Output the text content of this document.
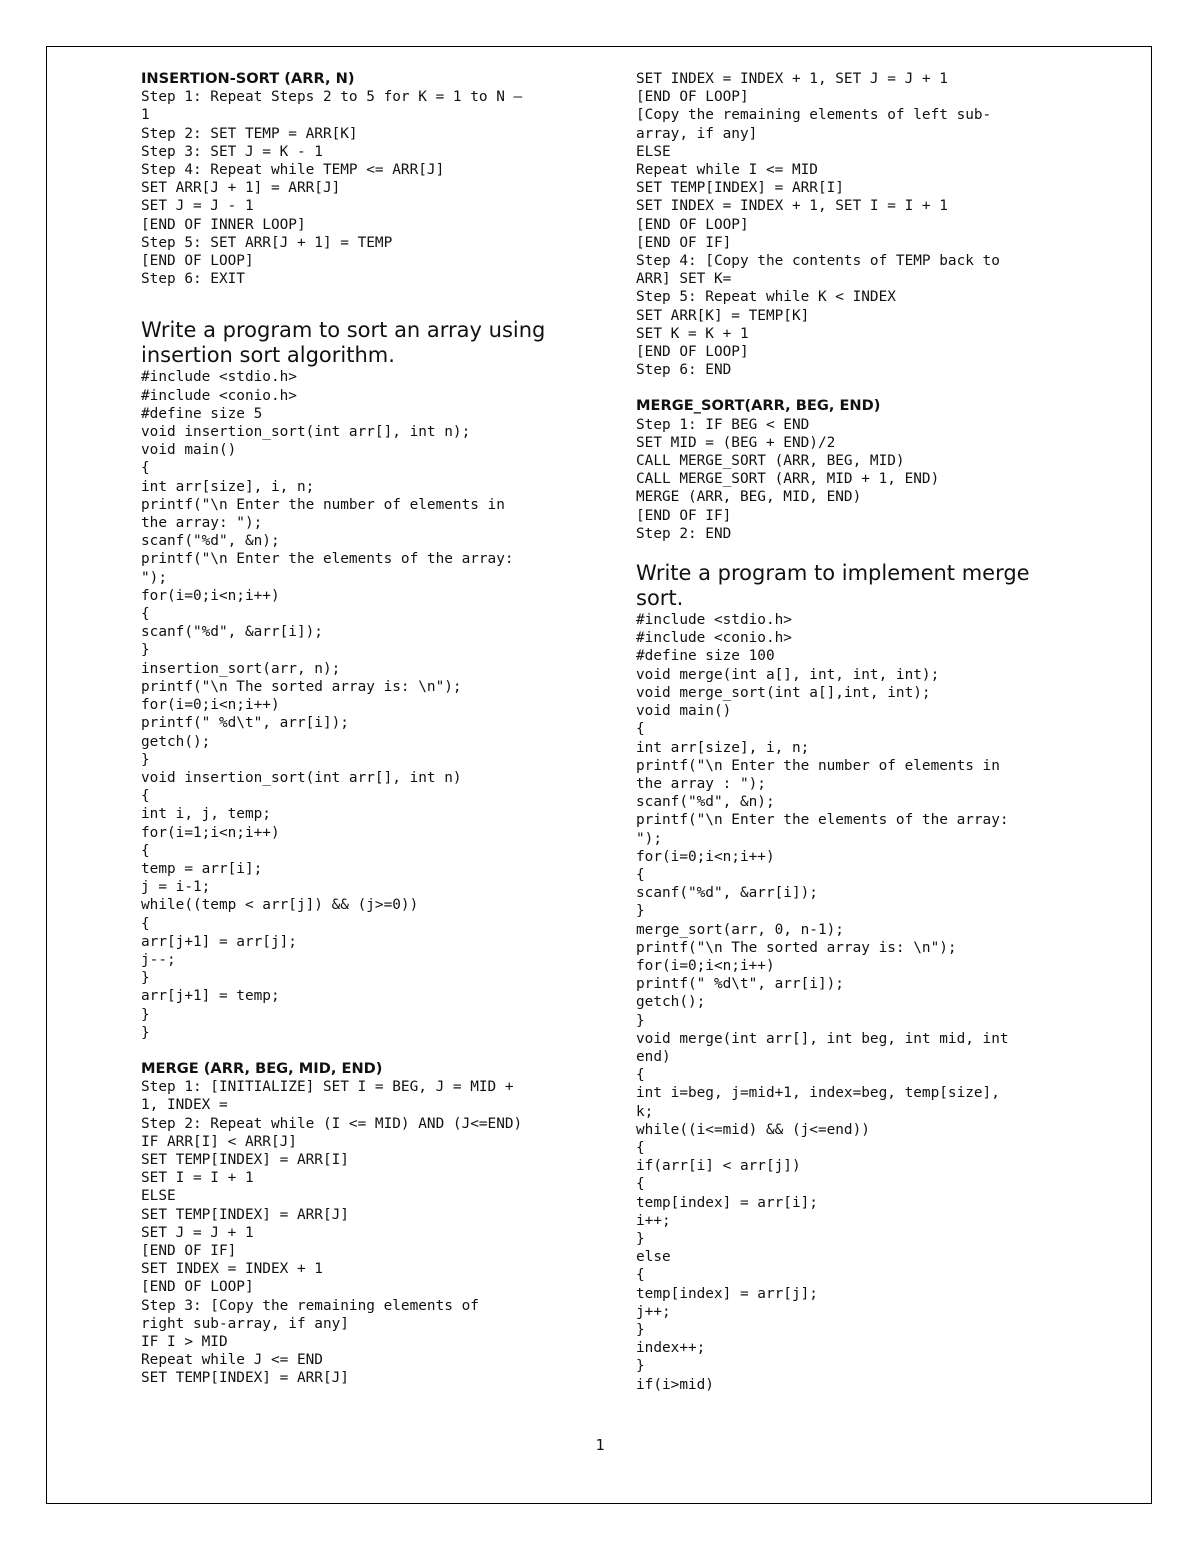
INSERTION-SORT (ARR, N)
Step 1: Repeat Steps 2 to 5 for K = 1 to N –
1
Step 2: SET TEMP = ARR[K]
Step 3: SET J = K - 1
Step 4: Repeat while TEMP <= ARR[J]
SET ARR[J + 1] = ARR[J]
SET J = J - 1
[END OF INNER LOOP]
Step 5: SET ARR[J + 1] = TEMP
[END OF LOOP]
Step 6: EXIT
Write a program to sort an array using insertion sort algorithm.
#include <stdio.h>
#include <conio.h>
#define size 5
void insertion_sort(int arr[], int n);
void main()
{
int arr[size], i, n;
printf("\n Enter the number of elements in
the array: ");
scanf("%d", &n);
printf("\n Enter the elements of the array:
");
for(i=0;i<n;i++)
{
scanf("%d", &arr[i]);
}
insertion_sort(arr, n);
printf("\n The sorted array is: \n");
for(i=0;i<n;i++)
printf(" %d\t", arr[i]);
getch();
}
void insertion_sort(int arr[], int n)
{
int i, j, temp;
for(i=1;i<n;i++)
{
temp = arr[i];
j = i-1;
while((temp < arr[j]) && (j>=0))
{
arr[j+1] = arr[j];
j--;
}
arr[j+1] = temp;
}
}
MERGE (ARR, BEG, MID, END)
Step 1: [INITIALIZE] SET I = BEG, J = MID +
1, INDEX =
Step 2: Repeat while (I <= MID) AND (J<=END)
IF ARR[I] < ARR[J]
SET TEMP[INDEX] = ARR[I]
SET I = I + 1
ELSE
SET TEMP[INDEX] = ARR[J]
SET J = J + 1
[END OF IF]
SET INDEX = INDEX + 1
[END OF LOOP]
Step 3: [Copy the remaining elements of
right sub-array, if any]
IF I > MID
Repeat while J <= END
SET TEMP[INDEX] = ARR[J]
SET INDEX = INDEX + 1, SET J = J + 1
[END OF LOOP]
[Copy the remaining elements of left sub-
array, if any]
ELSE
Repeat while I <= MID
SET TEMP[INDEX] = ARR[I]
SET INDEX = INDEX + 1, SET I = I + 1
[END OF LOOP]
[END OF IF]
Step 4: [Copy the contents of TEMP back to
ARR] SET K=
Step 5: Repeat while K < INDEX
SET ARR[K] = TEMP[K]
SET K = K + 1
[END OF LOOP]
Step 6: END
MERGE_SORT(ARR, BEG, END)
Step 1: IF BEG < END
SET MID = (BEG + END)/2
CALL MERGE_SORT (ARR, BEG, MID)
CALL MERGE_SORT (ARR, MID + 1, END)
MERGE (ARR, BEG, MID, END)
[END OF IF]
Step 2: END
Write a program to implement merge sort.
#include <stdio.h>
#include <conio.h>
#define size 100
void merge(int a[], int, int, int);
void merge_sort(int a[],int, int);
void main()
{
int arr[size], i, n;
printf("\n Enter the number of elements in
the array : ");
scanf("%d", &n);
printf("\n Enter the elements of the array:
");
for(i=0;i<n;i++)
{
scanf("%d", &arr[i]);
}
merge_sort(arr, 0, n-1);
printf("\n The sorted array is: \n");
for(i=0;i<n;i++)
printf(" %d\t", arr[i]);
getch();
}
void merge(int arr[], int beg, int mid, int
end)
{
int i=beg, j=mid+1, index=beg, temp[size],
k;
while((i<=mid) && (j<=end))
{
if(arr[i] < arr[j])
{
temp[index] = arr[i];
i++;
}
else
{
temp[index] = arr[j];
j++;
}
index++;
}
if(i>mid)
1
